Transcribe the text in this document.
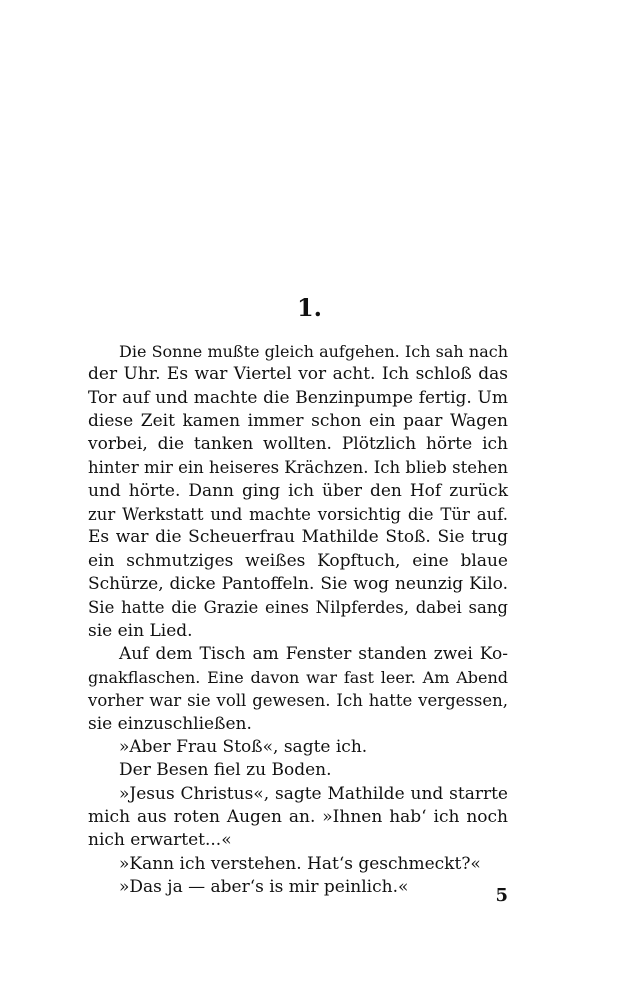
1.
Die Sonne mußte gleich aufgehen. Ich sah nach
der Uhr. Es war Viertel vor acht. Ich schloß das
Tor auf und machte die Benzinpumpe fertig. Um
diese Zeit kamen immer schon ein paar Wagen
vorbei, die tanken wollten. Plötzlich hörte ich
hinter mir ein heiseres Krächzen. Ich blieb stehen
und hörte. Dann ging ich über den Hof zurück
zur Werkstatt und machte vorsichtig die Tür auf.
Es war die Scheuerfrau Mathilde Stoß. Sie trug
ein schmutziges weißes Kopftuch, eine blaue
Schürze, dicke Pantoffeln. Sie wog neunzig Kilo.
Sie hatte die Grazie eines Nilpferdes, dabei sang
sie ein Lied.
Auf dem Tisch am Fenster standen zwei Ko-
gnakflaschen. Eine davon war fast leer. Am Abend
vorher war sie voll gewesen. Ich hatte vergessen,
sie einzuschließen.
»Aber Frau Stoß«, sagte ich.
Der Besen fiel zu Boden.
»Jesus Christus«, sagte Mathilde und starrte
mich aus roten Augen an. »Ihnen hab‘ ich noch
nich erwartet...«
»Kann ich verstehen. Hat‘s geschmeckt?«
»Das ja — aber‘s is mir peinlich.«	5
